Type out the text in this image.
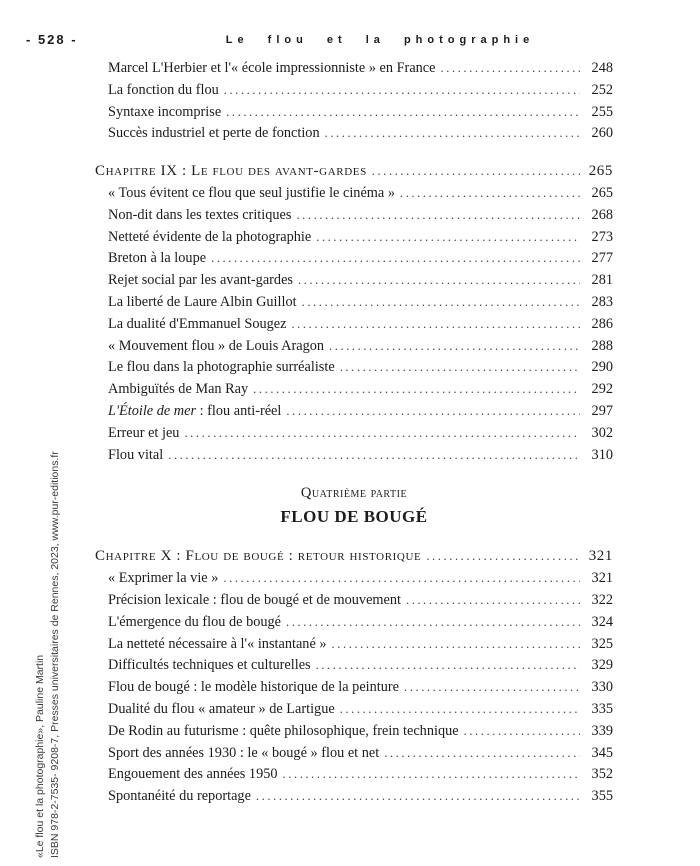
- 528 -	Le flou et la photographie
«Le flou et la photographie», Pauline Martin ISBN 978-2-7535- 9208-7, Presses universitaires de Rennes, 2023, www.pur-editions.fr
Marcel L'Herbier et l'« école impressionniste » en France .....	248
La fonction du flou .....	252
Syntaxe incomprise .....	255
Succès industriel et perte de fonction .....	260
Chapitre IX : Le flou des avant-gardes .....	265
« Tous évitent ce flou que seul justifie le cinéma » .....	265
Non-dit dans les textes critiques .....	268
Netteté évidente de la photographie .....	273
Breton à la loupe .....	277
Rejet social par les avant-gardes .....	281
La liberté de Laure Albin Guillot .....	283
La dualité d'Emmanuel Sougez .....	286
« Mouvement flou » de Louis Aragon .....	288
Le flou dans la photographie surréaliste .....	290
Ambiguïtés de Man Ray .....	292
L'Étoile de mer : flou anti-réel .....	297
Erreur et jeu .....	302
Flou vital .....	310
Quatrième partie
FLOU DE BOUGÉ
Chapitre X : Flou de bougé : retour historique .....	321
« Exprimer la vie » .....	321
Précision lexicale : flou de bougé et de mouvement .....	322
L'émergence du flou de bougé .....	324
La netteté nécessaire à l'« instantané » .....	325
Difficultés techniques et culturelles .....	329
Flou de bougé : le modèle historique de la peinture .....	330
Dualité du flou « amateur » de Lartigue .....	335
De Rodin au futurisme : quête philosophique, frein technique .....	339
Sport des années 1930 : le « bougé » flou et net .....	345
Engouement des années 1950 .....	352
Spontanéité du reportage .....	355
